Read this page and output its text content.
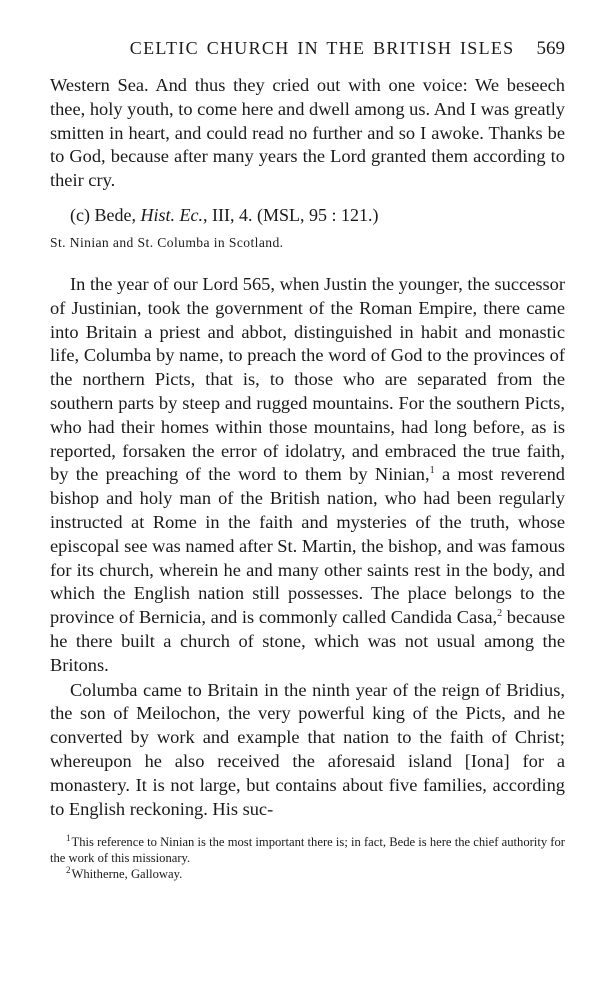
CELTIC CHURCH IN THE BRITISH ISLES 569

Western Sea. And thus they cried out with one voice: We beseech thee, holy youth, to come here and dwell among us. And I was greatly smitten in heart, and could read no further and so I awoke. Thanks be to God, because after many years the Lord granted them according to their cry.

(c) Bede, Hist. Ec., III, 4. (MSL, 95 : 121.)
St. Ninian and St. Columba in Scotland.

In the year of our Lord 565, when Justin the younger, the successor of Justinian, took the government of the Roman Empire, there came into Britain a priest and abbot, distinguished in habit and monastic life, Columba by name, to preach the word of God to the provinces of the northern Picts, that is, to those who are separated from the southern parts by steep and rugged mountains. For the southern Picts, who had their homes within those mountains, had long before, as is reported, forsaken the error of idolatry, and embraced the true faith, by the preaching of the word to them by Ninian,$^1$ a most reverend bishop and holy man of the British nation, who had been regularly instructed at Rome in the faith and mysteries of the truth, whose episcopal see was named after St. Martin, the bishop, and was famous for its church, wherein he and many other saints rest in the body, and which the English nation still possesses. The place belongs to the province of Bernicia, and is commonly called Candida Casa,$^2$ because he there built a church of stone, which was not usual among the Britons.

Columba came to Britain in the ninth year of the reign of Bridius, the son of Meilochon, the very powerful king of the Picts, and he converted by work and example that nation to the faith of Christ; whereupon he also received the aforesaid island [Iona] for a monastery. It is not large, but contains about five families, according to English reckoning. His suc-

$^1$This reference to Ninian is the most important there is; in fact, Bede is here the chief authority for the work of this missionary.
$^2$Whitherne, Galloway.
